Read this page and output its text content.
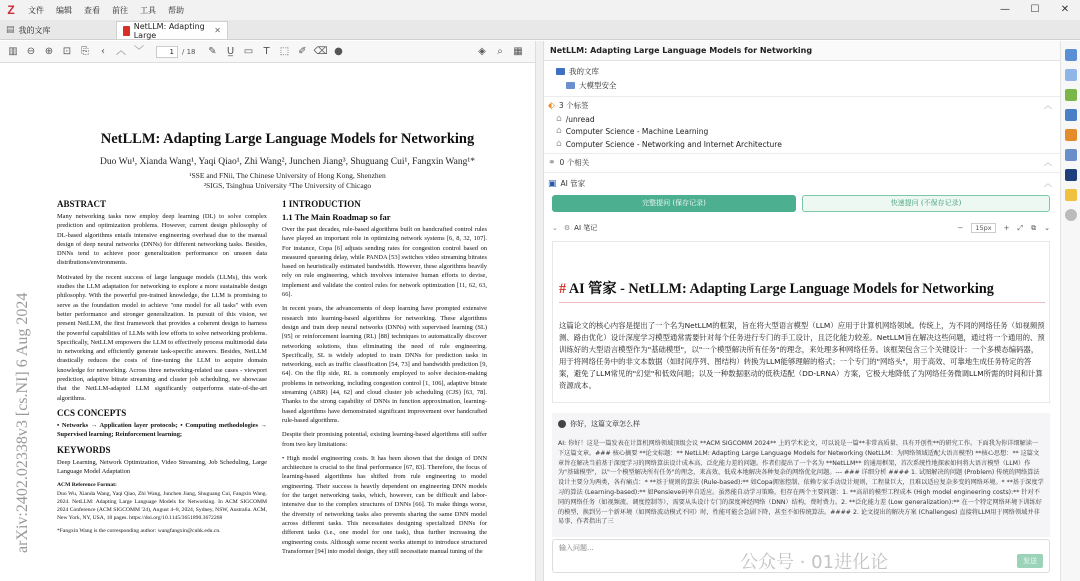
Z	文件	编辑	查看	前往	工具	帮助	—	☐	✕
▤ 我的文库	NetLLM: Adapting Large	✕
▥ ⊖ ⊕ ⊡ ⎘	‹	︿ ﹀	1	/ 18 ✎	U̲ ▭	T	⬚ ✐ ⌫ ●	◈	⌕	▦
arXiv:2402.02338v3 [cs.NI] 6 Aug 2024
NetLLM: Adapting Large Language Models for Networking
Duo Wu¹, Xianda Wang¹, Yaqi Qiao¹, Zhi Wang², Junchen Jiang³, Shuguang Cui¹, Fangxin Wang¹*
¹SSE and FNii, The Chinese University of Hong Kong, Shenzhen
²SIGS, Tsinghua University ³The University of Chicago
ABSTRACT
Many networking tasks now employ deep learning (DL) to solve complex prediction and optimization problems. However, current design philosophy of DL-based algorithms entails intensive engineering overhead due to the manual design of deep neural networks (DNNs) for different networking tasks. Besides, DNNs tend to achieve poor generalization performance on unseen data distributions/environments.
Motivated by the recent success of large language models (LLMs), this work studies the LLM adaptation for networking to explore a more sustainable design philosophy. With the powerful pre-trained knowledge, the LLM is promising to serve as the foundation model to achieve "one model for all tasks" with even better performance and stronger generalization. In pursuit of this vision, we present NetLLM, the first framework that provides a coherent design to harness the powerful capabilities of LLMs with low efforts to solve networking problems. Specifically, NetLLM empowers the LLM to effectively process multimodal data in networking and efficiently generate task-specific answers. Besides, NetLLM drastically reduces the costs of fine-tuning the LLM to acquire domain knowledge for networking. Across three networking-related use cases - viewport prediction, adaptive bitrate streaming and cluster job scheduling, we showcase that the NetLLM-adapted LLM significantly outperforms state-of-the-art algorithms.
CCS CONCEPTS
• Networks → Application layer protocols; • Computing methodologies → Supervised learning; Reinforcement learning;
KEYWORDS
Deep Learning, Network Optimization, Video Streaming, Job Scheduling, Large Language Model Adaptation
ACM Reference Format:
Duo Wu, Xianda Wang, Yaqi Qiao, Zhi Wang, Junchen Jiang, Shuguang Cui, Fangxin Wang. 2024. NetLLM: Adapting Large Language Models for Networking. In ACM SIGCOMM 2024 Conference (ACM SIGCOMM '24), August 4–8, 2024, Sydney, NSW, Australia. ACM, New York, NY, USA, 18 pages. https://doi.org/10.1145/3651890.3672268
*Fangxin Wang is the corresponding author: wangfangxin@cuhk.edu.cn.
1 INTRODUCTION
1.1 The Main Roadmap so far
Over the past decades, rule-based algorithms built on handcrafted control rules have played an important role in optimizing network systems [6, 8, 32, 107]. For instance, Copa [6] adjusts sending rates for congestion control based on measured queueing delay, while PANDA [53] switches video streaming bitrates based on heuristically estimated bandwidth. However, these algorithms heavily rely on rule engineering, which involves intensive human efforts to devise, implement and validate the control rules for network optimization [11, 62, 63, 66].
In recent years, the advancements of deep learning have prompted extensive research into learning-based algorithms for networking. These algorithms design and train deep neural networks (DNNs) with supervised learning (SL) [95] or reinforcement learning (RL) [88] techniques to automatically discover networking solutions, thus eliminating the need of rule engineering. Specifically, SL is widely adopted to train DNNs for prediction tasks in networking, such as traffic classification [54, 73] and bandwidth prediction [9, 64]. On the flip side, RL is commonly employed to solve decision-making problems in networking, including congestion control [1, 106], adaptive bitrate streaming (ABR) [44, 62] and cloud cluster job scheduling (CJS) [63, 78]. Thanks to the strong capability of DNNs in function approximation, learning-based algorithms have demonstrated significant improvement over handcrafted rule-based algorithms.
Despite their promising potential, existing learning-based algorithms still suffer from two key limitations:
• High model engineering costs. It has been shown that the design of DNN architecture is crucial to the final performance [67, 83]. Therefore, the focus of learning-based algorithms has shifted from rule engineering to model engineering. Their success is heavily dependent on engineering DNN models for the target networking tasks, which, however, can be difficult and labor-intensive due to the complex structures of DNNs [66]. To make things worse, the diversity of networking tasks also prevents sharing the same DNN model across different tasks. This necessitates designing specialized DNNs for different tasks (i.e., one model for one task), thus further increasing the engineering costs. Although some recent works attempt to introduce structured Transformer [94] into model design, they still necessitate manual tuning of the
NetLLM: Adapting Large Language Models for Networking
我的文库
大模型安全
⬖ 3 个标签	︿
⌂ /unread
⌂ Computer Science - Machine Learning
⌂ Computer Science - Networking and Internet Architecture
⚭ 0 个相关	︿
▣ AI 管家	︿
完整提问 (保存记录)	快速提问 (不保存记录)
⌄ ⚙ AI 笔记	−	15px	+ ⤢ ⧉ ⌄
# AI 管家 - NetLLM: Adapting Large Language Models for Networking
这篇论文的核心内容是提出了一个名为NetLLM的框架，旨在将大型语言模型（LLM）应用于计算机网络领域。传统上，为不同的网络任务（如视频预测、路由优化）设计深度学习模型通常需要针对每个任务进行专门的手工设计，且泛化能力较差。NetLLM旨在解决这些问题，通过将一个通用的、预训练好的大型语言模型作为"基础模型"，以"一个模型解决所有任务"的理念，来处理多种网络任务。该框架包含三个关键设计：一个多模态编码器，用于将网络任务中的非文本数据（如时间序列、图结构）转换为LLM能够理解的格式；一个专门的"网络头"，用于高效、可靠地生成任务特定的答案，避免了LLM常见的"幻觉"和低效问题；以及一种数据驱动的低秩适配（DD-LRNA）方案，它极大地降低了为网络任务微调LLM所需的时间和计算资源成本。
你好，这篇文章怎么样
AI: 你好！这是一篇发表在计算机网络领域顶级会议 **ACM SIGCOMM 2024** 上的学术论文，可以说是一篇**非常高质量、具有开创性**的研究工作。下面我为你详细解读一下这篇文章。### 核心摘要 **论文标题：** NetLLM: Adapting Large Language Models for Networking (NetLLM：为网络领域适配大语言模型) **核心思想：** 这篇文章旨在解决当前基于深度学习的网络算法设计成本高、泛化能力差的问题。作者们提出了一个名为 **NetLLM** 的通用框架，首次系统性地探索如何将大语言模型（LLM）作为"基础模型"，以"一个模型解决所有任务"的理念，来高效、低成本地解决各种复杂的网络优化问题。--- ### 详细分析 #### 1. 试图解决的问题 (Problem) 传统的网络算法设计主要分为两类，各有痛点：* **基于规则的算法 (Rule-based):** 如Copa拥塞控制、依赖专家手动设计规则，工程量巨大，且难以适应复杂多变的网络环境。* **基于深度学习的算法 (Learning-based):** 如Pensieve码率自适应。虽然能自动学习策略，但存在两个主要问题：1. **高昂的模型工程成本 (High model engineering costs):** 针对不同的网络任务（如视频流、调度控制等），需要从头设计专门的深度神经网络（DNN）结构，费时费力。2. **泛化能力差 (Low generalization):** 在一个特定网络环境下训练好的模型，换到另一个新环境（如网络波动模式不同）时，性能可能会急剧下降，甚至不如传统算法。#### 2. 论文提出的解决方案 (Challenges) 直接将LLM用于网络领域并非易事，作者指出了三
输入问题...
发送
公众号 · 01进化论
